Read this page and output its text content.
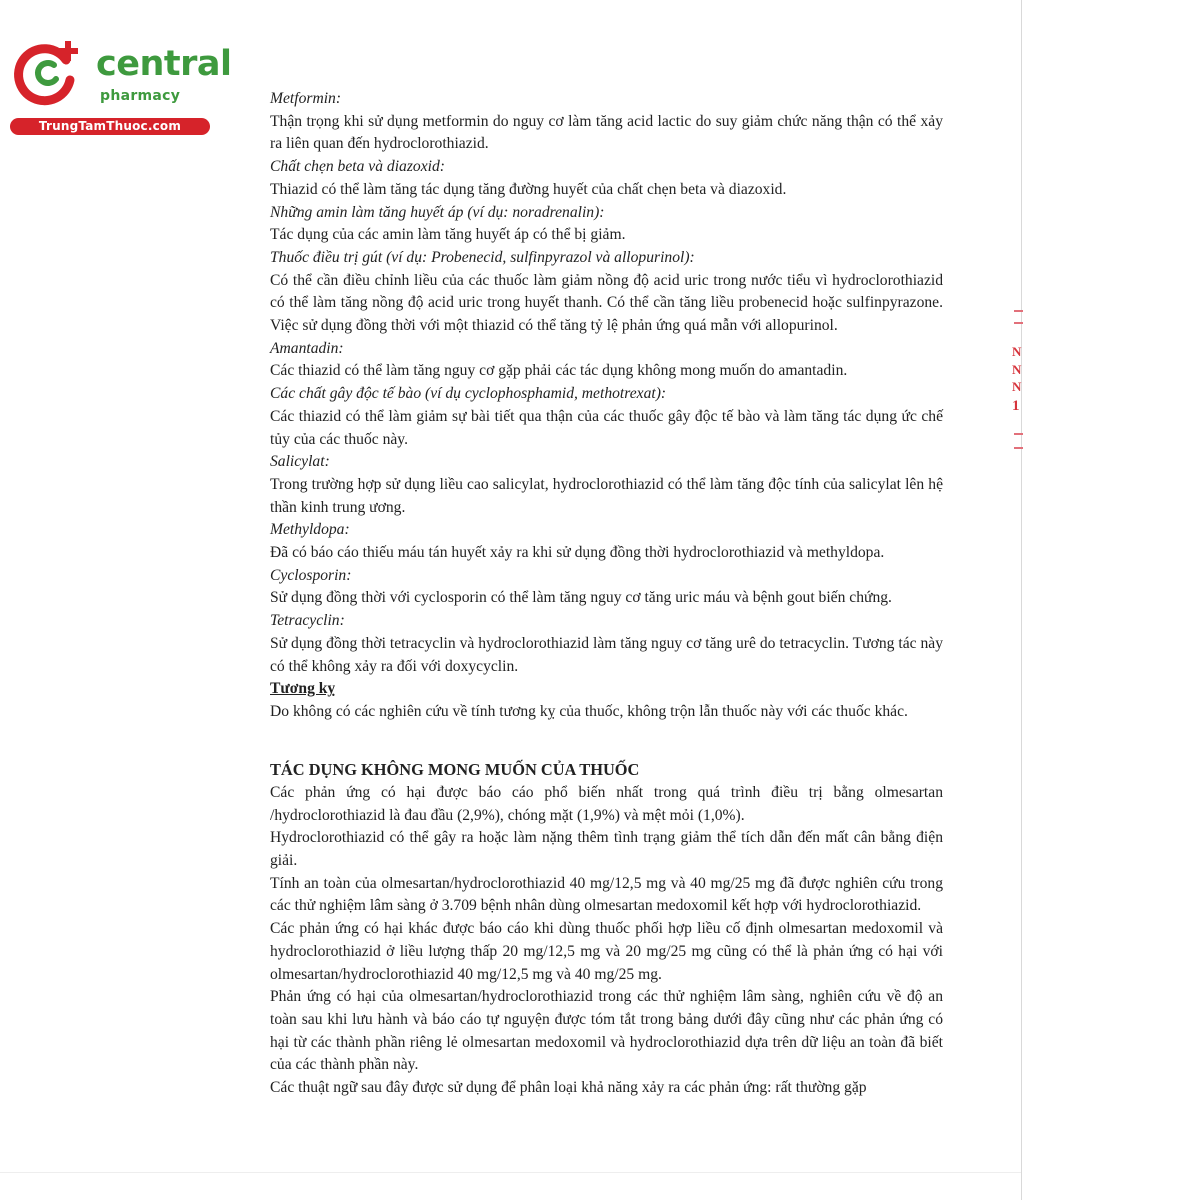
central
pharmacy
TrungTamThuoc.com
N
N
N
1

Metformin:

Thận trọng khi sử dụng metformin do nguy cơ làm tăng acid lactic do suy giảm chức năng thận có thể xảy ra liên quan đến hydroclorothiazid.

Chất chẹn beta và diazoxid:

Thiazid có thể làm tăng tác dụng tăng đường huyết của chất chẹn beta và diazoxid.

Những amin làm tăng huyết áp (ví dụ: noradrenalin):

Tác dụng của các amin làm tăng huyết áp có thể bị giảm.

Thuốc điều trị gút (ví dụ: Probenecid, sulfinpyrazol và allopurinol):

Có thể cần điều chỉnh liều của các thuốc làm giảm nồng độ acid uric trong nước tiểu vì hydroclorothiazid có thể làm tăng nồng độ acid uric trong huyết thanh. Có thể cần tăng liều probenecid hoặc sulfinpyrazone. Việc sử dụng đồng thời với một thiazid có thể tăng tỷ lệ phản ứng quá mẫn với allopurinol.

Amantadin:

Các thiazid có thể làm tăng nguy cơ gặp phải các tác dụng không mong muốn do amantadin.

Các chất gây độc tế bào (ví dụ cyclophosphamid, methotrexat):

Các thiazid có thể làm giảm sự bài tiết qua thận của các thuốc gây độc tế bào và làm tăng tác dụng ức chế tủy của các thuốc này.

Salicylat:

Trong trường hợp sử dụng liều cao salicylat, hydroclorothiazid có thể làm tăng độc tính của salicylat lên hệ thần kinh trung ương.

Methyldopa:

Đã có báo cáo thiếu máu tán huyết xảy ra khi sử dụng đồng thời hydroclorothiazid và methyldopa.

Cyclosporin:

Sử dụng đồng thời với cyclosporin có thể làm tăng nguy cơ tăng uric máu và bệnh gout biến chứng.

Tetracyclin:

Sử dụng đồng thời tetracyclin và hydroclorothiazid làm tăng nguy cơ tăng urê do tetracyclin. Tương tác này có thể không xảy ra đối với doxycyclin.

Tương kỵ

Do không có các nghiên cứu về tính tương kỵ của thuốc, không trộn lẫn thuốc này với các thuốc khác.

TÁC DỤNG KHÔNG MONG MUỐN CỦA THUỐC

Các phản ứng có hại được báo cáo phổ biến nhất trong quá trình điều trị bằng olmesartan /hydroclorothiazid là đau đầu (2,9%), chóng mặt (1,9%) và mệt mỏi (1,0%).

Hydroclorothiazid có thể gây ra hoặc làm nặng thêm tình trạng giảm thể tích dẫn đến mất cân bằng điện giải.

Tính an toàn của olmesartan/hydroclorothiazid 40 mg/12,5 mg và 40 mg/25 mg đã được nghiên cứu trong các thử nghiệm lâm sàng ở 3.709 bệnh nhân dùng olmesartan medoxomil kết hợp với hydroclorothiazid.

Các phản ứng có hại khác được báo cáo khi dùng thuốc phối hợp liều cố định olmesartan medoxomil và hydroclorothiazid ở liều lượng thấp 20 mg/12,5 mg và 20 mg/25 mg cũng có thể là phản ứng có hại với olmesartan/hydroclorothiazid 40 mg/12,5 mg và 40 mg/25 mg.

Phản ứng có hại của olmesartan/hydroclorothiazid trong các thử nghiệm lâm sàng, nghiên cứu về độ an toàn sau khi lưu hành và báo cáo tự nguyện được tóm tắt trong bảng dưới đây cũng như các phản ứng có hại từ các thành phần riêng lẻ olmesartan medoxomil và hydroclorothiazid dựa trên dữ liệu an toàn đã biết của các thành phần này.

Các thuật ngữ sau đây được sử dụng để phân loại khả năng xảy ra các phản ứng: rất thường gặp
